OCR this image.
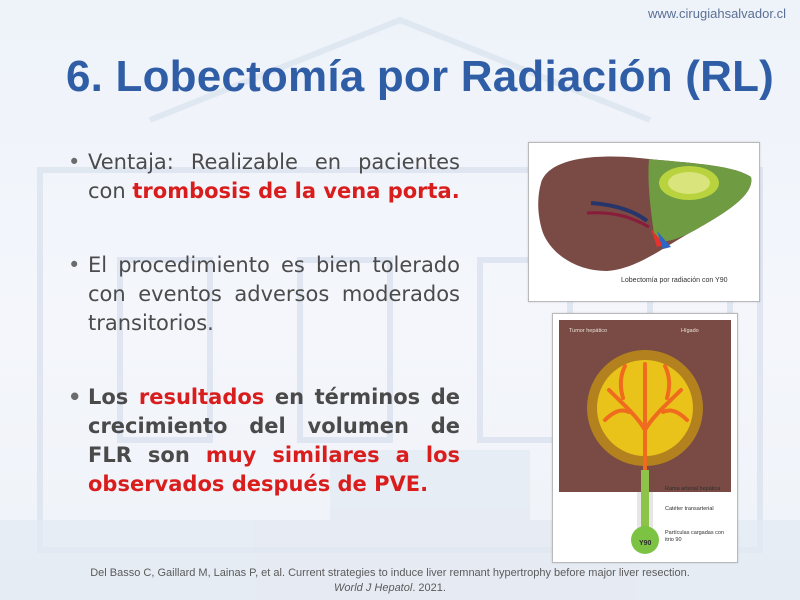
www.cirugiahsalvador.cl
6. Lobectomía por Radiación (RL)
• Ventaja: Realizable en pacientes con trombosis de la vena porta.
• El procedimiento es bien tolerado con eventos adversos moderados transitorios.
• Los resultados en términos de crecimiento del volumen de FLR son muy similares a los observados después de PVE.
Lobectomía por radiación con Y90
Tumor hepático	Hígado
Rama arterial hepática
Catéter transarterial
Partículas cargadas con itrio 90
Y90
Del Basso C, Gaillard M, Lainas P, et al. Current strategies to induce liver remnant hypertrophy before major liver resection. World J Hepatol. 2021.
